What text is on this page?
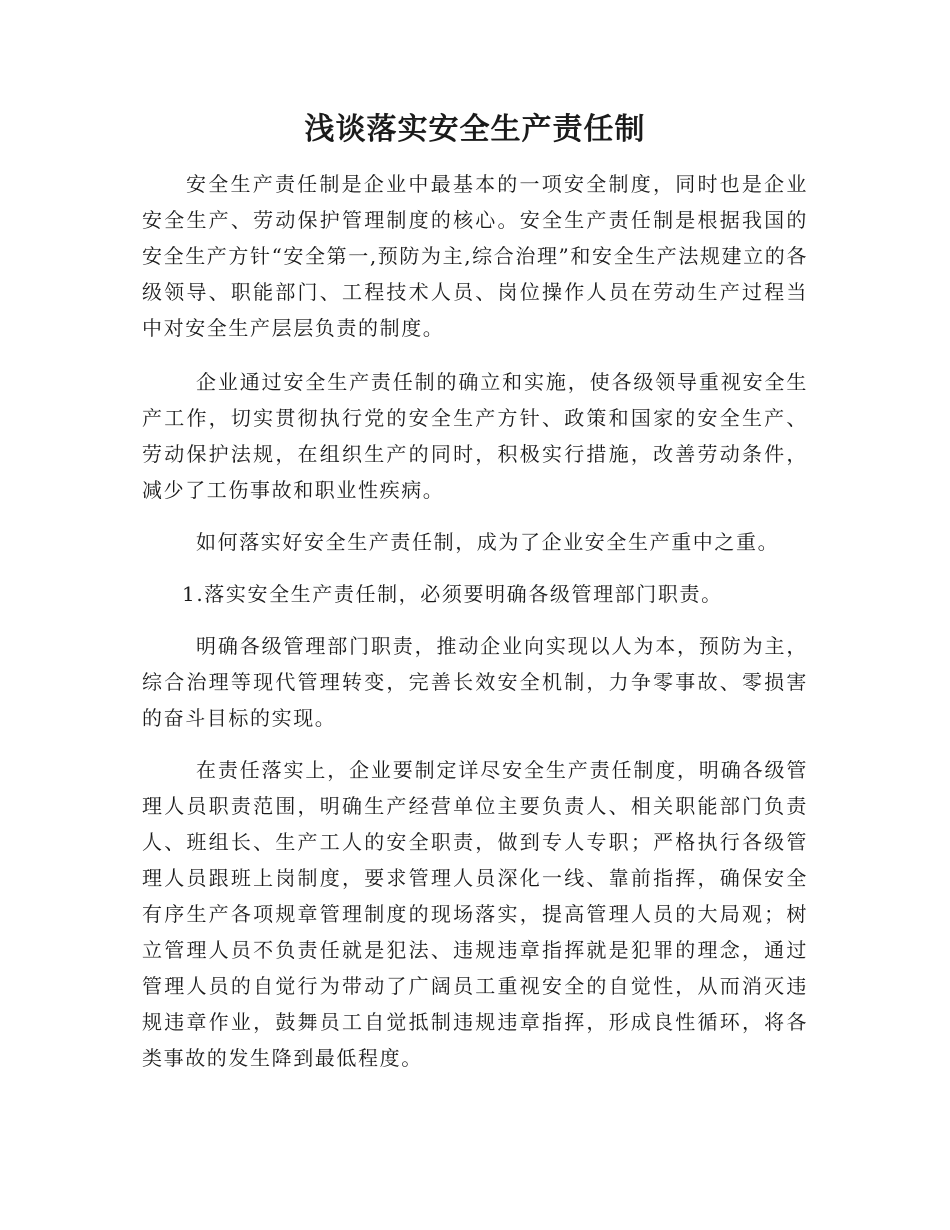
浅谈落实安全生产责任制

安全生产责任制是企业中最基本的一项安全制度，同时也是企业安全生产、劳动保护管理制度的核心。安全生产责任制是根据我国的安全生产方针“安全第一,预防为主,综合治理”和安全生产法规建立的各级领导、职能部门、工程技术人员、岗位操作人员在劳动生产过程当中对安全生产层层负责的制度。

企业通过安全生产责任制的确立和实施，使各级领导重视安全生产工作，切实贯彻执行党的安全生产方针、政策和国家的安全生产、劳动保护法规，在组织生产的同时，积极实行措施，改善劳动条件，减少了工伤事故和职业性疾病。

如何落实好安全生产责任制，成为了企业安全生产重中之重。

1.落实安全生产责任制，必须要明确各级管理部门职责。

明确各级管理部门职责，推动企业向实现以人为本，预防为主，综合治理等现代管理转变，完善长效安全机制，力争零事故、零损害的奋斗目标的实现。

在责任落实上，企业要制定详尽安全生产责任制度，明确各级管理人员职责范围，明确生产经营单位主要负责人、相关职能部门负责人、班组长、生产工人的安全职责，做到专人专职；严格执行各级管理人员跟班上岗制度，要求管理人员深化一线、靠前指挥，确保安全有序生产各项规章管理制度的现场落实，提高管理人员的大局观；树立管理人员不负责任就是犯法、违规违章指挥就是犯罪的理念，通过管理人员的自觉行为带动了广阔员工重视安全的自觉性，从而消灭违规违章作业，鼓舞员工自觉抵制违规违章指挥，形成良性循环，将各类事故的发生降到最低程度。
